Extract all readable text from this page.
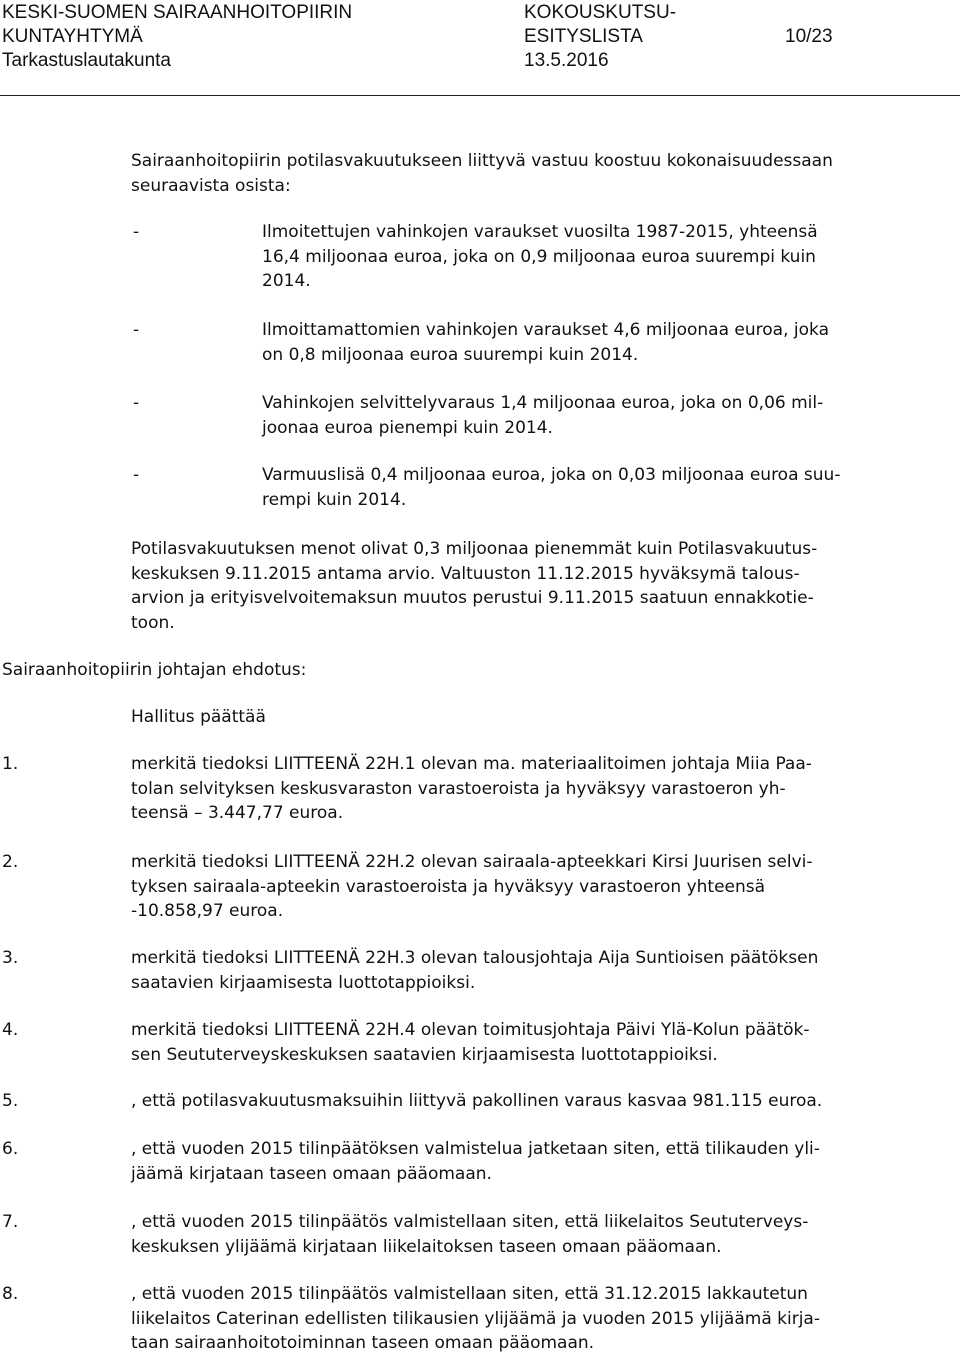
KESKI-SUOMEN SAIRAANHOITOPIIRIN
KUNTAYHTYMÄ
Tarkastuslautakunta
KOKOUSKUTSU-
ESITYSLISTA
13.5.2016
10/23
Sairaanhoitopiirin potilasvakuutukseen liittyvä vastuu koostuu kokonaisuudessaan
seuraavista osista:
-	Ilmoitettujen vahinkojen varaukset vuosilta 1987-2015, yhteensä
16,4 miljoonaa euroa, joka on 0,9 miljoonaa euroa suurempi kuin
2014.
-	Ilmoittamattomien vahinkojen varaukset 4,6 miljoonaa euroa, joka
on 0,8 miljoonaa euroa suurempi kuin 2014.
-	Vahinkojen selvittelyvaraus 1,4 miljoonaa euroa, joka on 0,06 mil-
joonaa euroa pienempi kuin 2014.
-	Varmuuslisä 0,4 miljoonaa euroa, joka on 0,03 miljoonaa euroa suu-
rempi kuin 2014.
Potilasvakuutuksen menot olivat 0,3 miljoonaa pienemmät kuin Potilasvakuutus-
keskuksen 9.11.2015 antama arvio. Valtuuston 11.12.2015 hyväksymä talous-
arvion ja erityisvelvoitemaksun muutos perustui 9.11.2015 saatuun ennakkotie-
toon.
Sairaanhoitopiirin johtajan ehdotus:
Hallitus päättää
1.	merkitä tiedoksi LIITTEENÄ 22H.1 olevan ma. materiaalitoimen johtaja Miia Paa-
tolan selvityksen keskusvaraston varastoeroista ja hyväksyy varastoeron yh-
teensä – 3.447,77 euroa.
2.	merkitä tiedoksi LIITTEENÄ 22H.2 olevan sairaala-apteekkari Kirsi Juurisen selvi-
tyksen sairaala-apteekin varastoeroista ja hyväksyy varastoeron yhteensä
-10.858,97 euroa.
3.	merkitä tiedoksi LIITTEENÄ 22H.3 olevan talousjohtaja Aija Suntioisen päätöksen
saatavien kirjaamisesta luottotappioiksi.
4.	merkitä tiedoksi LIITTEENÄ 22H.4 olevan toimitusjohtaja Päivi Ylä-Kolun päätök-
sen Seututerveyskeskuksen saatavien kirjaamisesta luottotappioiksi.
5.	, että potilasvakuutusmaksuihin liittyvä pakollinen varaus kasvaa 981.115 euroa.
6.	, että vuoden 2015 tilinpäätöksen valmistelua jatketaan siten, että tilikauden yli-
jäämä kirjataan taseen omaan pääomaan.
7.	, että vuoden 2015 tilinpäätös valmistellaan siten, että liikelaitos Seututerveys-
keskuksen ylijäämä kirjataan liikelaitoksen taseen omaan pääomaan.
8.	, että vuoden 2015 tilinpäätös valmistellaan siten, että 31.12.2015 lakkautetun
liikelaitos Caterinan edellisten tilikausien ylijäämä ja vuoden 2015 ylijäämä kirja-
taan sairaanhoitotoiminnan taseen omaan pääomaan.
